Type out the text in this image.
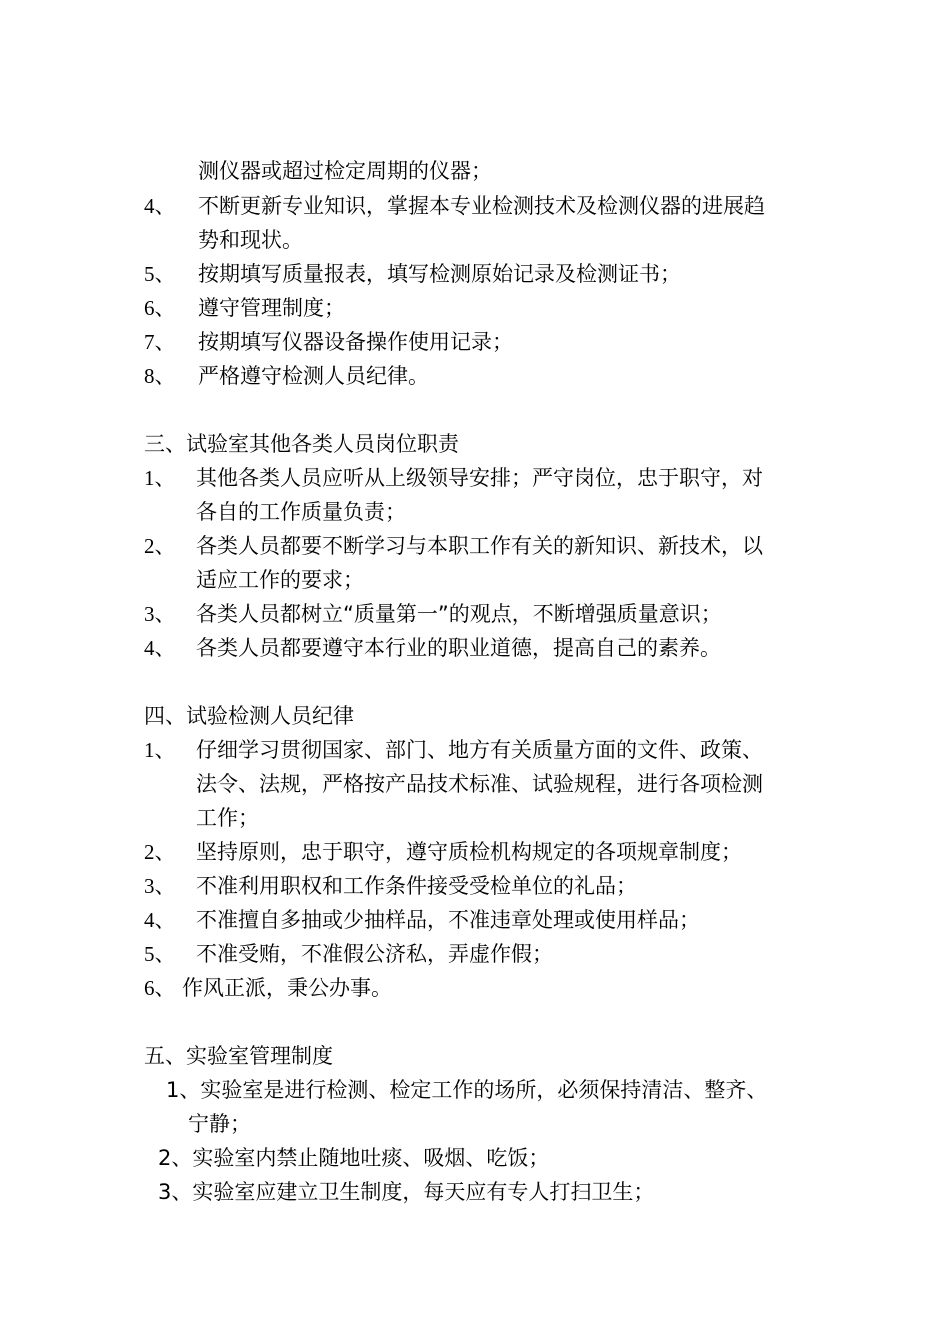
测仪器或超过检定周期的仪器；
4、 不断更新专业知识，掌握本专业检测技术及检测仪器的进展趋
势和现状。
5、 按期填写质量报表，填写检测原始记录及检测证书；
6、 遵守管理制度；
7、 按期填写仪器设备操作使用记录；
8、 严格遵守检测人员纪律。
三、试验室其他各类人员岗位职责
1、 其他各类人员应听从上级领导安排；严守岗位，忠于职守，对
各自的工作质量负责；
2、 各类人员都要不断学习与本职工作有关的新知识、新技术，以
适应工作的要求；
3、 各类人员都树立“质量第一”的观点，不断增强质量意识；
4、 各类人员都要遵守本行业的职业道德，提高自己的素养。
四、试验检测人员纪律
1、 仔细学习贯彻国家、部门、地方有关质量方面的文件、政策、
法令、法规，严格按产品技术标准、试验规程，进行各项检测
工作；
2、 坚持原则，忠于职守，遵守质检机构规定的各项规章制度；
3、 不准利用职权和工作条件接受受检单位的礼品；
4、 不准擅自多抽或少抽样品，不准违章处理或使用样品；
5、 不准受贿，不准假公济私，弄虚作假；
6、 作风正派，秉公办事。
五、实验室管理制度
1、实验室是进行检测、检定工作的场所，必须保持清洁、整齐、
宁静；
2、实验室内禁止随地吐痰、吸烟、吃饭；
3、实验室应建立卫生制度，每天应有专人打扫卫生；
